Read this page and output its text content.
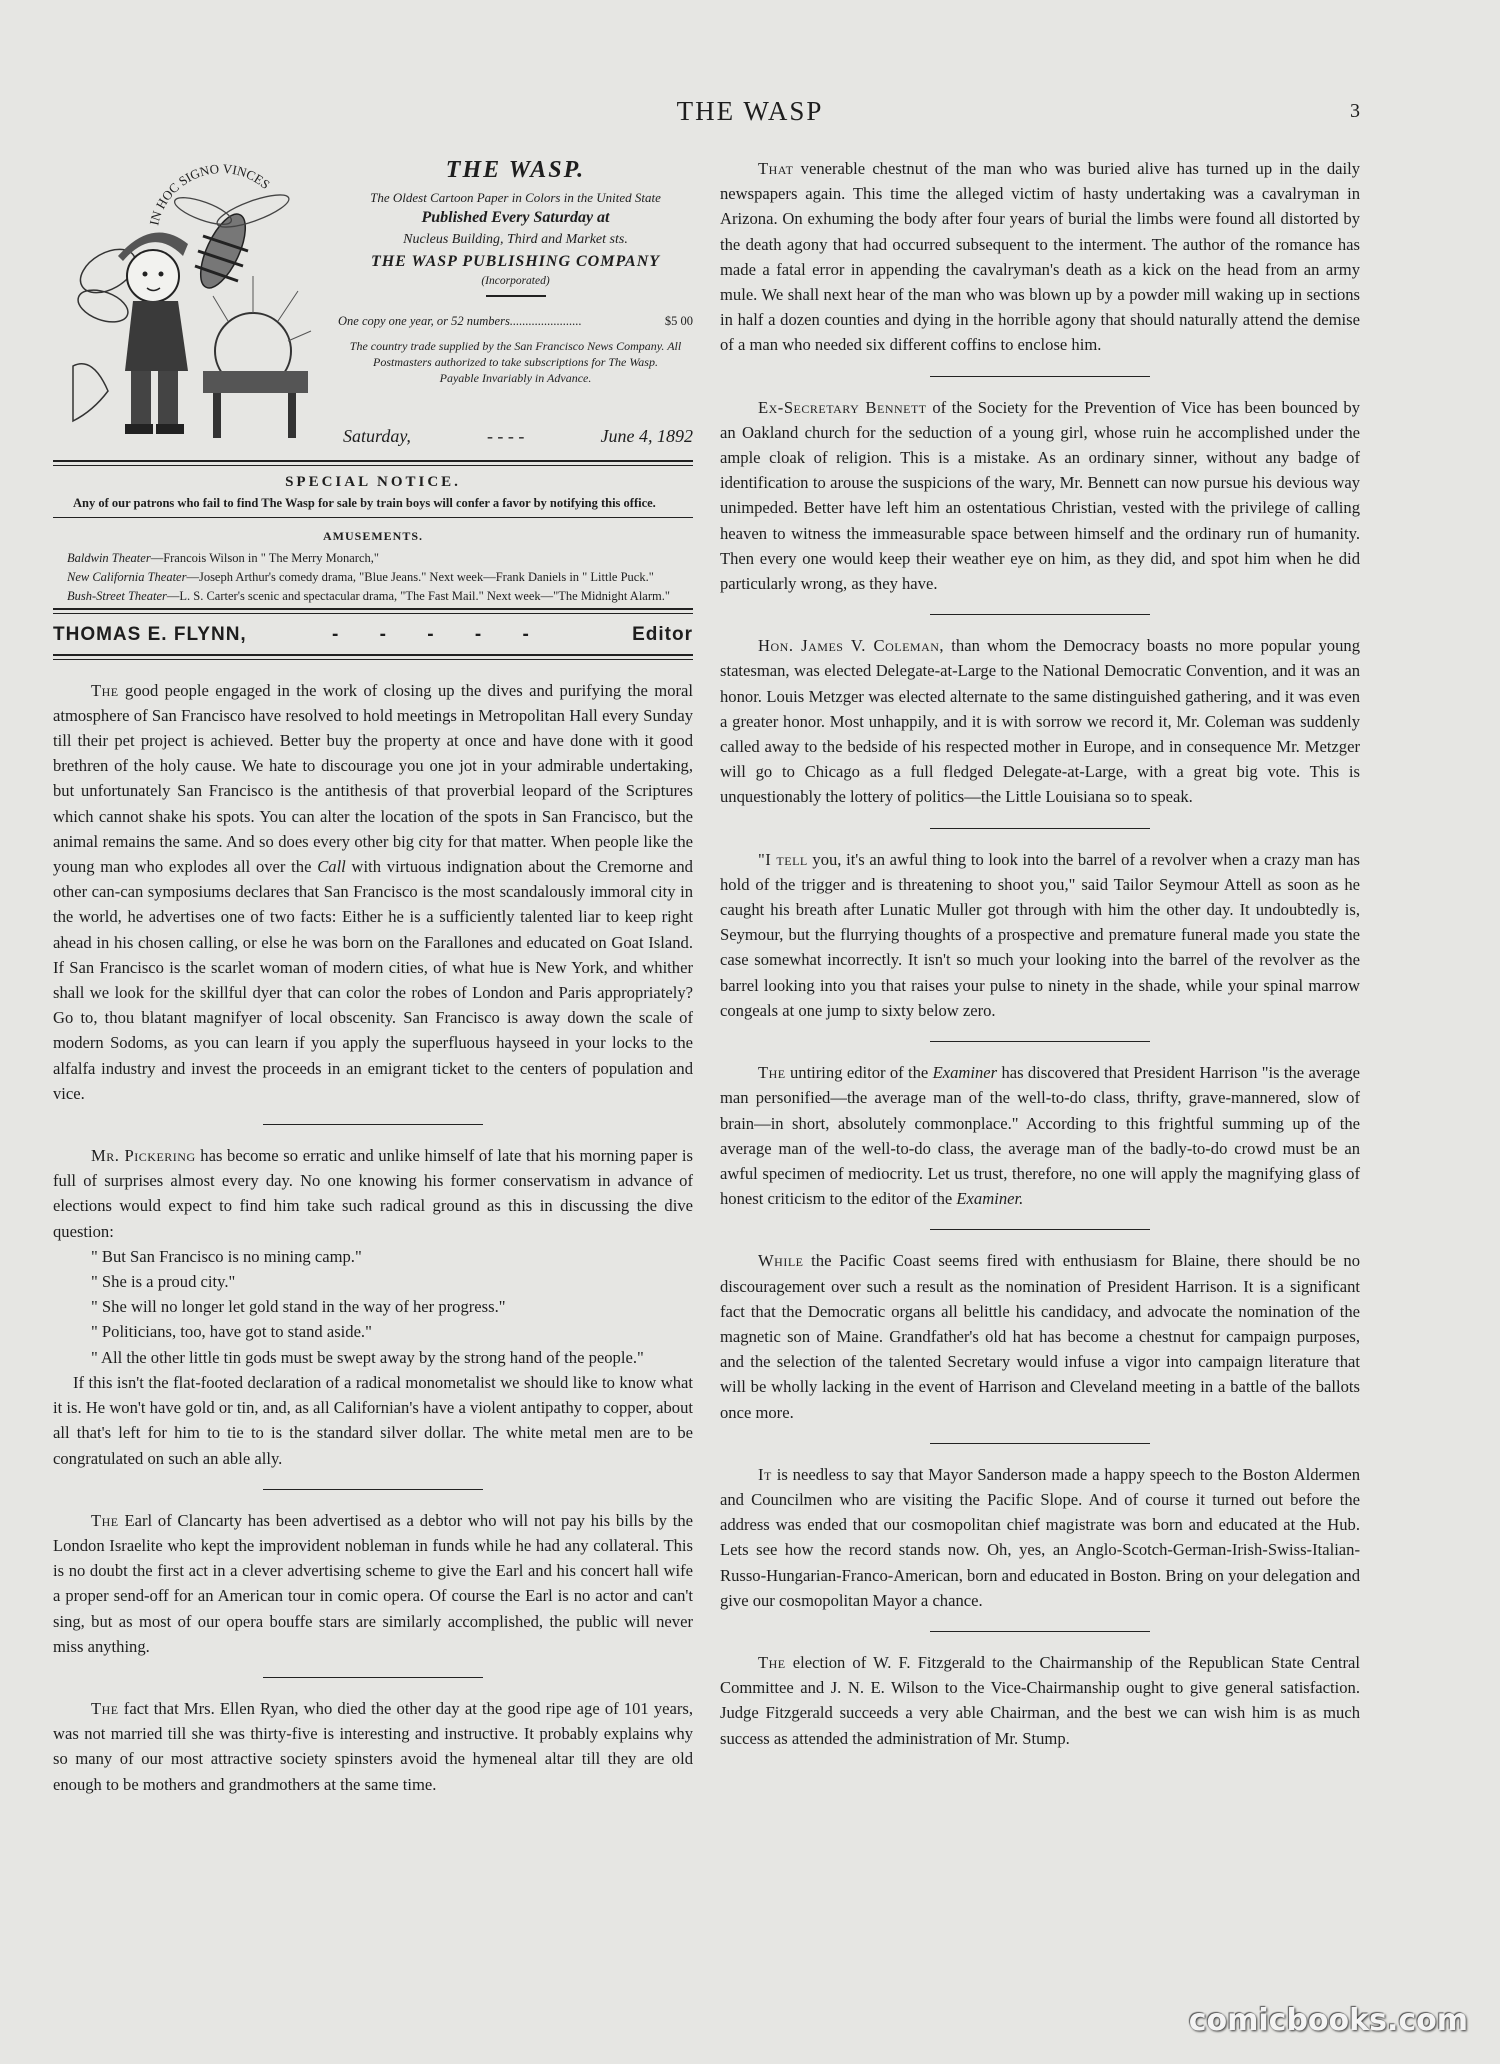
THE WASP	3
IN HOC SIGNO VINCES
THE WASP.
The Oldest Cartoon Paper in Colors in the United State
Published Every Saturday at
Nucleus Building, Third and Market sts.
THE WASP PUBLISHING COMPANY
(Incorporated)
One copy one year, or 52 numbers.......................	$5 00
The country trade supplied by the San Francisco News Company. All Postmasters authorized to take subscriptions for The Wasp.
Payable Invariably in Advance.
Saturday,	- - - -	June 4, 1892
SPECIAL NOTICE.
Any of our patrons who fail to find The Wasp for sale by train boys will confer a favor by notifying this office.
AMUSEMENTS.
Baldwin Theater—Francois Wilson in " The Merry Monarch,"
New California Theater—Joseph Arthur's comedy drama, "Blue Jeans." Next week—Frank Daniels in " Little Puck."
Bush-Street Theater—L. S. Carter's scenic and spectacular drama, "The Fast Mail." Next week—"The Midnight Alarm."
THOMAS E. FLYNN,	- - - - -	Editor

The good people engaged in the work of closing up the dives and purifying the moral atmosphere of San Francisco have resolved to hold meetings in Metropolitan Hall every Sunday till their pet project is achieved. Better buy the property at once and have done with it good brethren of the holy cause. We hate to discourage you one jot in your admirable undertaking, but unfortunately San Francisco is the antithesis of that proverbial leopard of the Scriptures which cannot shake his spots. You can alter the location of the spots in San Francisco, but the animal remains the same. And so does every other big city for that matter. When people like the young man who explodes all over the Call with virtuous indignation about the Cremorne and other can-can symposiums declares that San Francisco is the most scandalously immoral city in the world, he advertises one of two facts: Either he is a sufficiently talented liar to keep right ahead in his chosen calling, or else he was born on the Farallones and educated on Goat Island. If San Francisco is the scarlet woman of modern cities, of what hue is New York, and whither shall we look for the skillful dyer that can color the robes of London and Paris appropriately? Go to, thou blatant magnifyer of local obscenity. San Francisco is away down the scale of modern Sodoms, as you can learn if you apply the superfluous hayseed in your locks to the alfalfa industry and invest the proceeds in an emigrant ticket to the centers of population and vice.

Mr. Pickering has become so erratic and unlike himself of late that his morning paper is full of surprises almost every day. No one knowing his former conservatism in advance of elections would expect to find him take such radical ground as this in discussing the dive question:

" But San Francisco is no mining camp."

" She is a proud city."

" She will no longer let gold stand in the way of her progress."

" Politicians, too, have got to stand aside."

" All the other little tin gods must be swept away by the strong hand of the people."

If this isn't the flat-footed declaration of a radical monometalist we should like to know what it is. He won't have gold or tin, and, as all Californian's have a violent antipathy to copper, about all that's left for him to tie to is the standard silver dollar. The white metal men are to be congratulated on such an able ally.

The Earl of Clancarty has been advertised as a debtor who will not pay his bills by the London Israelite who kept the improvident nobleman in funds while he had any collateral. This is no doubt the first act in a clever advertising scheme to give the Earl and his concert hall wife a proper send-off for an American tour in comic opera. Of course the Earl is no actor and can't sing, but as most of our opera bouffe stars are similarly accomplished, the public will never miss anything.

The fact that Mrs. Ellen Ryan, who died the other day at the good ripe age of 101 years, was not married till she was thirty-five is interesting and instructive. It probably explains why so many of our most attractive society spinsters avoid the hymeneal altar till they are old enough to be mothers and grandmothers at the same time.

That venerable chestnut of the man who was buried alive has turned up in the daily newspapers again. This time the alleged victim of hasty undertaking was a cavalryman in Arizona. On exhuming the body after four years of burial the limbs were found all distorted by the death agony that had occurred subsequent to the interment. The author of the romance has made a fatal error in appending the cavalryman's death as a kick on the head from an army mule. We shall next hear of the man who was blown up by a powder mill waking up in sections in half a dozen counties and dying in the horrible agony that should naturally attend the demise of a man who needed six different coffins to enclose him.

Ex-Secretary Bennett of the Society for the Prevention of Vice has been bounced by an Oakland church for the seduction of a young girl, whose ruin he accomplished under the ample cloak of religion. This is a mistake. As an ordinary sinner, without any badge of identification to arouse the suspicions of the wary, Mr. Bennett can now pursue his devious way unimpeded. Better have left him an ostentatious Christian, vested with the privilege of calling heaven to witness the immeasurable space between himself and the ordinary run of humanity. Then every one would keep their weather eye on him, as they did, and spot him when he did particularly wrong, as they have.

Hon. James V. Coleman, than whom the Democracy boasts no more popular young statesman, was elected Delegate-at-Large to the National Democratic Convention, and it was an honor. Louis Metzger was elected alternate to the same distinguished gathering, and it was even a greater honor. Most unhappily, and it is with sorrow we record it, Mr. Coleman was suddenly called away to the bedside of his respected mother in Europe, and in consequence Mr. Metzger will go to Chicago as a full fledged Delegate-at-Large, with a great big vote. This is unquestionably the lottery of politics—the Little Louisiana so to speak.

"I tell you, it's an awful thing to look into the barrel of a revolver when a crazy man has hold of the trigger and is threatening to shoot you," said Tailor Seymour Attell as soon as he caught his breath after Lunatic Muller got through with him the other day. It undoubtedly is, Seymour, but the flurrying thoughts of a prospective and premature funeral made you state the case somewhat incorrectly. It isn't so much your looking into the barrel of the revolver as the barrel looking into you that raises your pulse to ninety in the shade, while your spinal marrow congeals at one jump to sixty below zero.

The untiring editor of the Examiner has discovered that President Harrison "is the average man personified—the average man of the well-to-do class, thrifty, grave-mannered, slow of brain—in short, absolutely commonplace." According to this frightful summing up of the average man of the well-to-do class, the average man of the badly-to-do crowd must be an awful specimen of mediocrity. Let us trust, therefore, no one will apply the magnifying glass of honest criticism to the editor of the Examiner.

While the Pacific Coast seems fired with enthusiasm for Blaine, there should be no discouragement over such a result as the nomination of President Harrison. It is a significant fact that the Democratic organs all belittle his candidacy, and advocate the nomination of the magnetic son of Maine. Grandfather's old hat has become a chestnut for campaign purposes, and the selection of the talented Secretary would infuse a vigor into campaign literature that will be wholly lacking in the event of Harrison and Cleveland meeting in a battle of the ballots once more.

It is needless to say that Mayor Sanderson made a happy speech to the Boston Aldermen and Councilmen who are visiting the Pacific Slope. And of course it turned out before the address was ended that our cosmopolitan chief magistrate was born and educated at the Hub. Lets see how the record stands now. Oh, yes, an Anglo-Scotch-German-Irish-Swiss-Italian-Russo-Hungarian-Franco-American, born and educated in Boston. Bring on your delegation and give our cosmopolitan Mayor a chance.

The election of W. F. Fitzgerald to the Chairmanship of the Republican State Central Committee and J. N. E. Wilson to the Vice-Chairmanship ought to give general satisfaction. Judge Fitzgerald succeeds a very able Chairman, and the best we can wish him is as much success as attended the administration of Mr. Stump.

comicbooks.com
